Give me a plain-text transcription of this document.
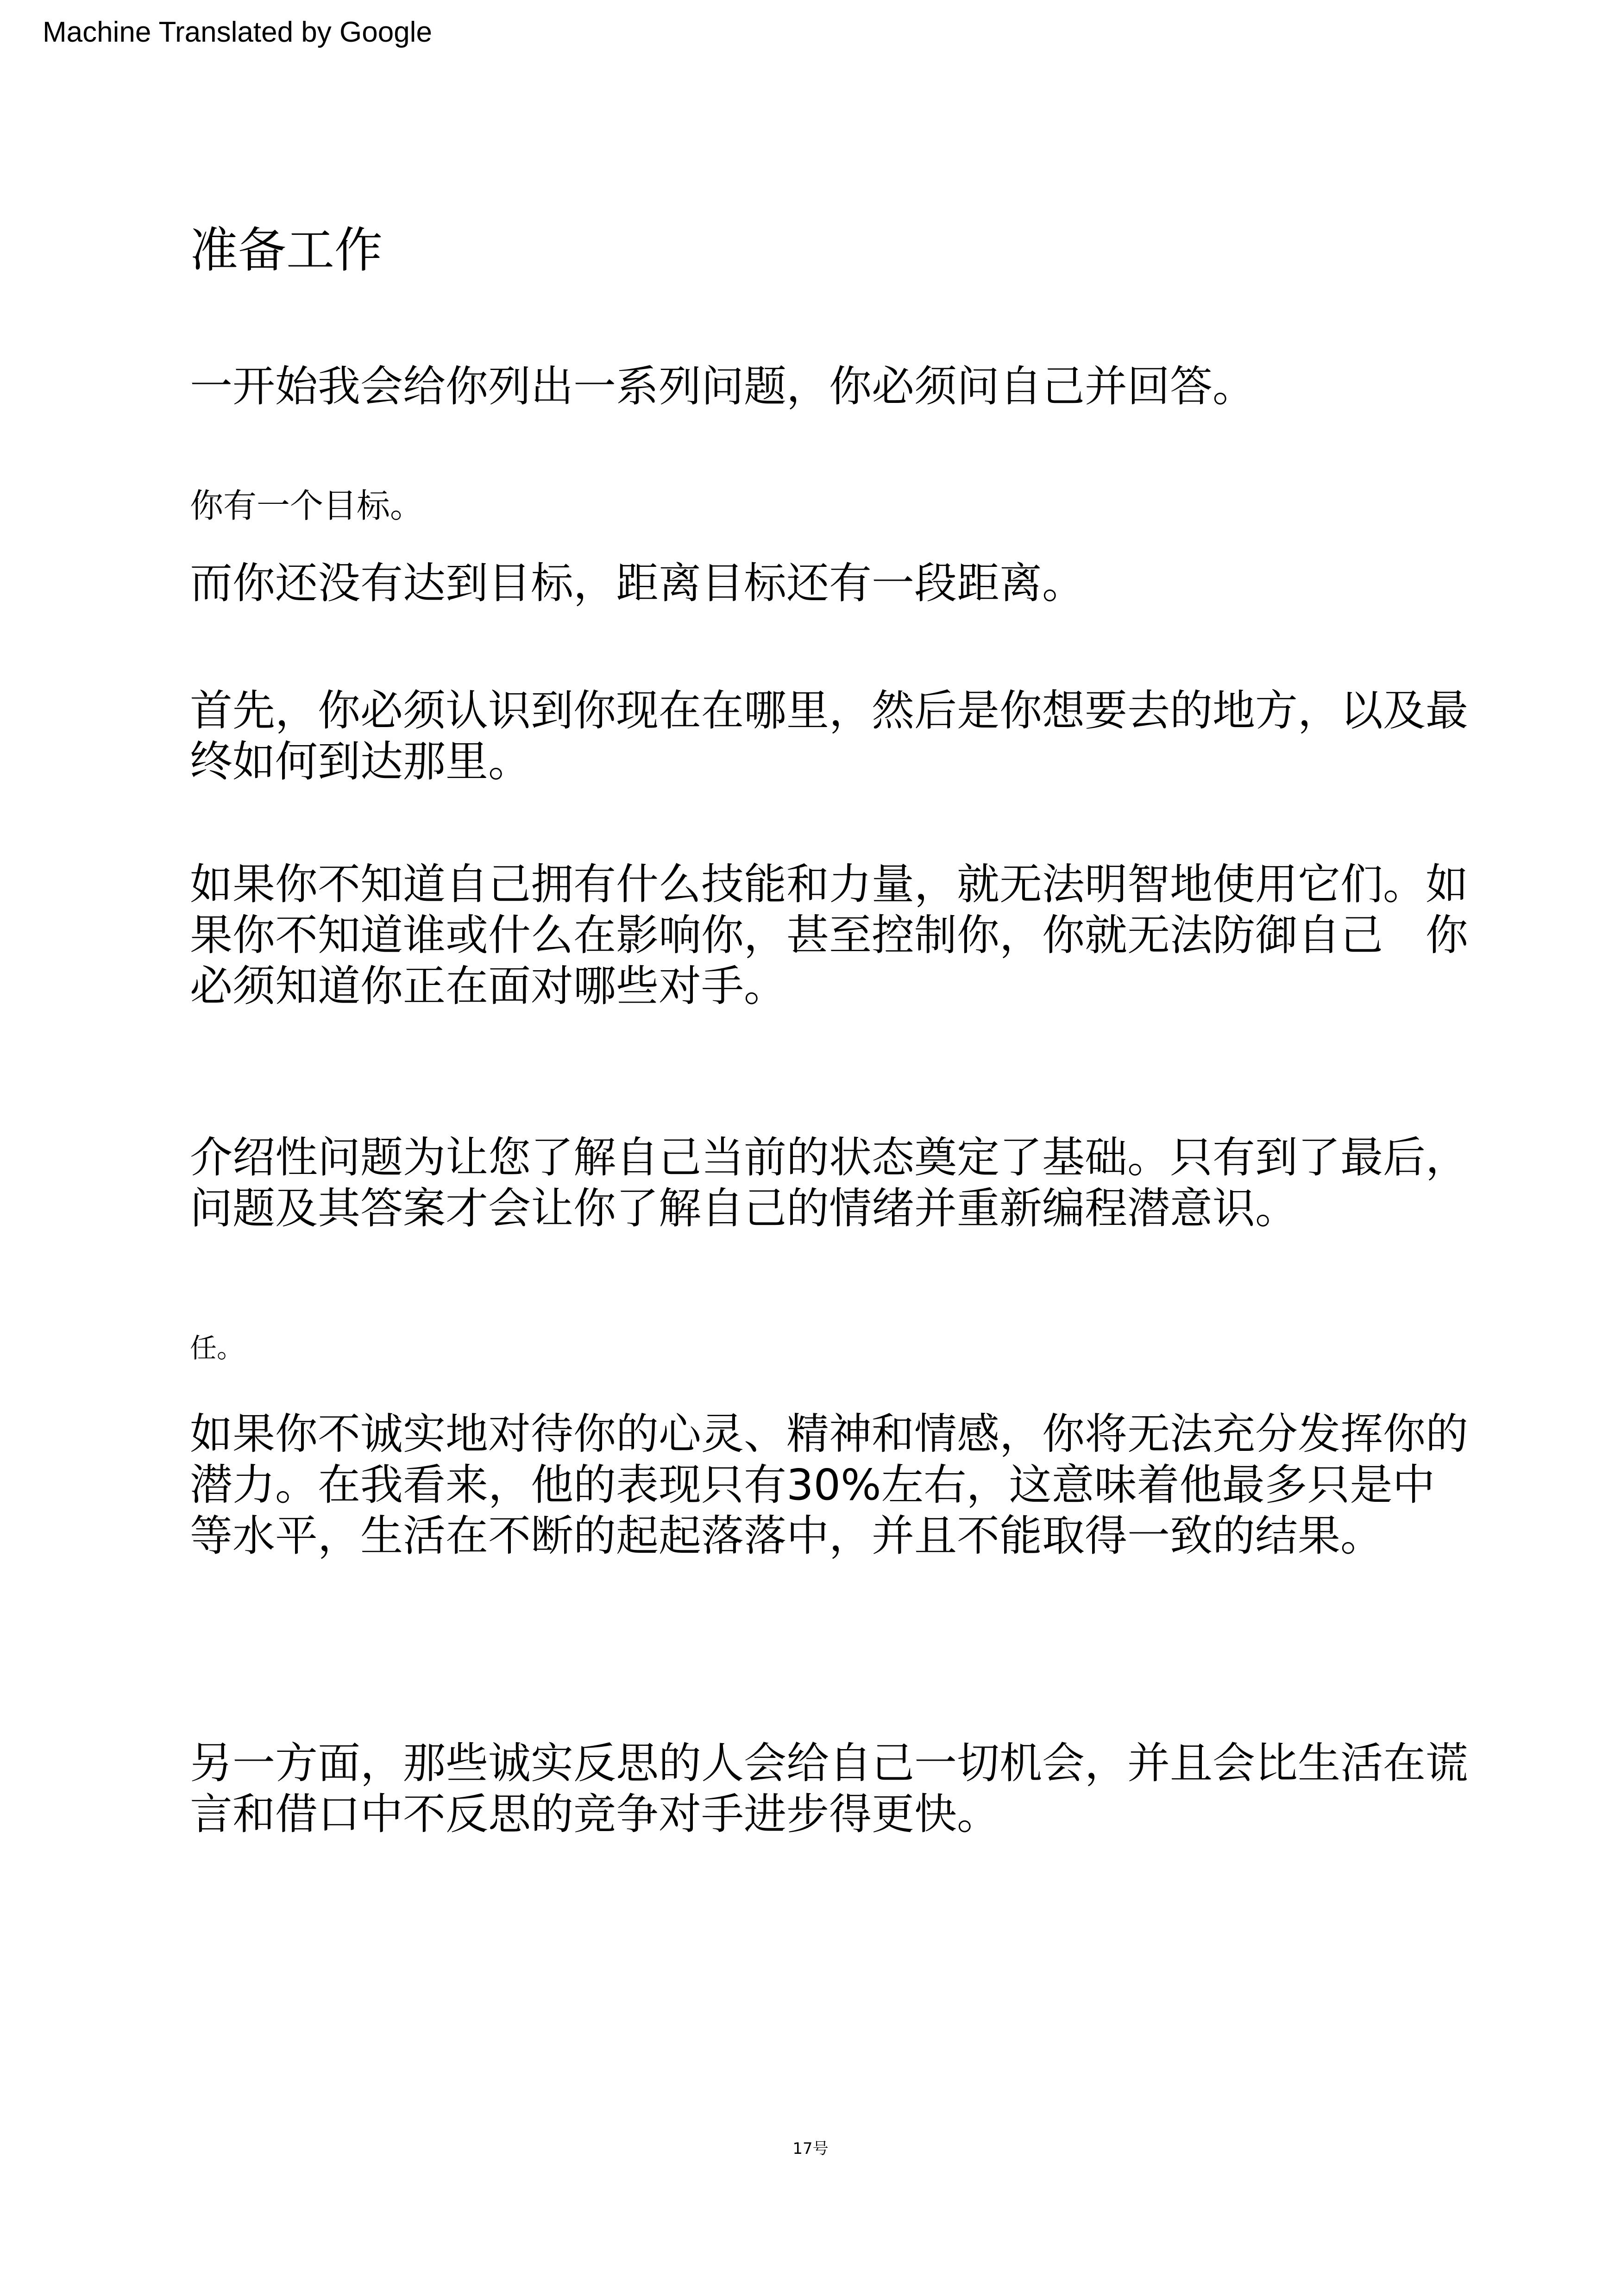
Machine Translated by Google
准备工作

一开始我会给你列出一系列问题，你必须问自己并回答。

你有一个目标。

而你还没有达到目标，距离目标还有一段距离。

首先，你必须认识到你现在在哪里，然后是你想要去的地方，以及最终如何到达那里。

如果你不知道自己拥有什么技能和力量，就无法明智地使用它们。如果你不知道谁或什么在影响你，甚至控制你，你就无法防御自己　你必须知道你正在面对哪些对手。

介绍性问题为让您了解自己当前的状态奠定了基础。只有到了最后，问题及其答案才会让你了解自己的情绪并重新编程潜意识。

任。

如果你不诚实地对待你的心灵、精神和情感，你将无法充分发挥你的潜力。在我看来，他的表现只有30%左右，这意味着他最多只是中等水平，生活在不断的起起落落中，并且不能取得一致的结果。

另一方面，那些诚实反思的人会给自己一切机会，并且会比生活在谎言和借口中不反思的竞争对手进步得更快。

17号
